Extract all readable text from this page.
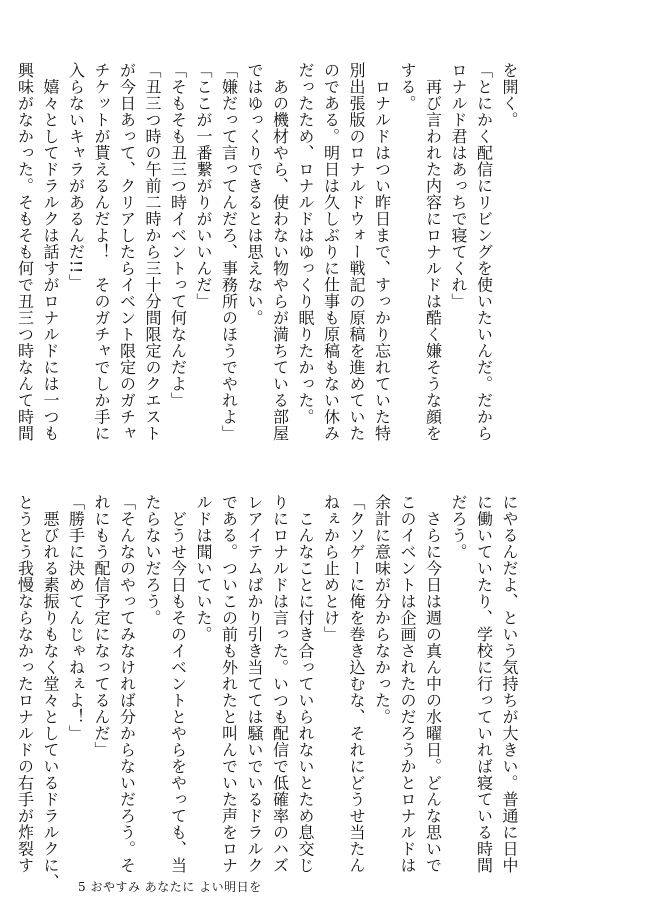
を開く。
「とにかく配信にリビングを使いたいんだ。だから
ロナルド君はあっちで寝てくれ」
　再び言われた内容にロナルドは酷く嫌そうな顔を
する。
　ロナルドはつい昨日まで、すっかり忘れていた特
別出張版のロナルドウォー戦記の原稿を進めていた
のである。明日は久しぶりに仕事も原稿もない休み
だったため、ロナルドはゆっくり眠りたかった。
　あの機材やら、使わない物やらが満ちている部屋
ではゆっくりできるとは思えない。
「嫌だって言ってんだろ、事務所のほうでやれよ」
「ここが一番繋がりがいいんだ」
「そもそも丑三つ時イベントって何なんだよ」
「丑三つ時の午前二時から三十分間限定のクエスト
が今日あって、クリアしたらイベント限定のガチャ
チケットが貰えるんだよ！　そのガチャでしか手に
入らないキャラがあるんだ!!」
　嬉々としてドラルクは話すがロナルドには一つも
興味がなかった。そもそも何で丑三つ時なんて時間
にやるんだよ、という気持ちが大きい。普通に日中
に働いていたり、学校に行っていれば寝ている時間
だろう。
　さらに今日は週の真ん中の水曜日。どんな思いで
このイベントは企画されたのだろうかとロナルドは
余計に意味が分からなかった。
「クソゲーに俺を巻き込むな、それにどうせ当たん
ねぇから止めとけ」
　こんなことに付き合っていられないとため息交じ
りにロナルドは言った。いつも配信で低確率のハズ
レアイテムばかり引き当てては騒いでいるドラルク
である。ついこの前も外れたと叫んでいた声をロナ
ルドは聞いていた。
　どうせ今日もそのイベントとやらをやっても、当
たらないだろう。
「そんなのやってみなければ分からないだろう。そ
れにもう配信予定になってるんだ」
「勝手に決めてんじゃねぇよ！」
　悪びれる素振りもなく堂々としているドラルクに、
とうとう我慢ならなかったロナルドの右手が炸裂す
5 おやすみ あなたに よい明日を
